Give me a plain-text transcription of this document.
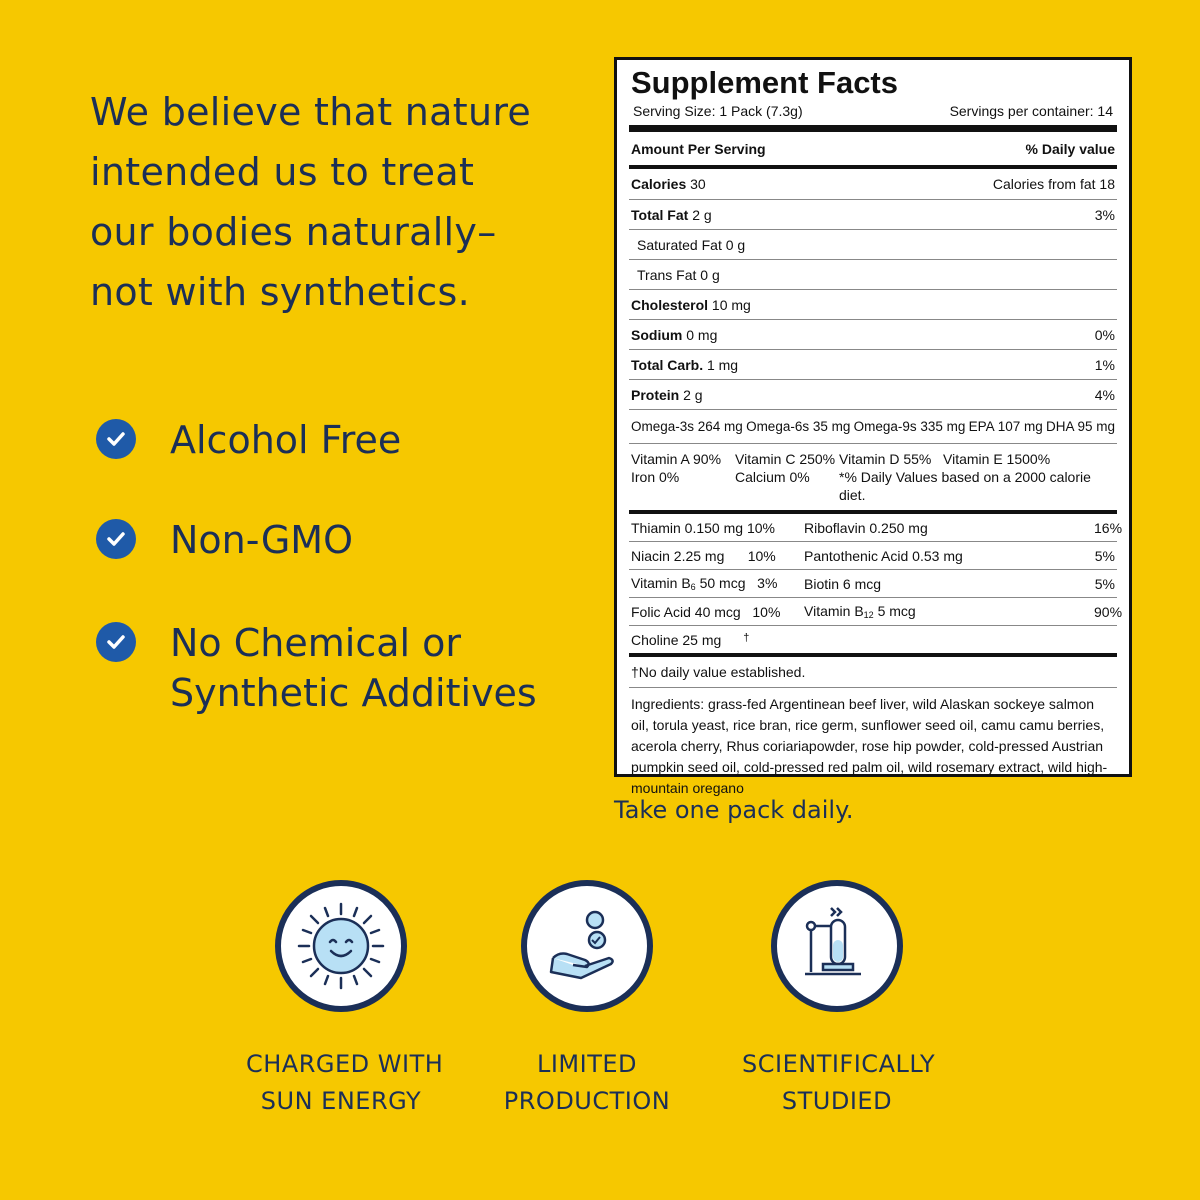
We believe that nature
intended us to treat
our bodies naturally–
not with synthetics.
Alcohol Free
Non-GMO
No Chemical or
Synthetic Additives
Supplement Facts
Serving Size: 1 Pack (7.3g)	Servings per container: 14
Amount Per Serving	% Daily value
Calories 30	Calories from fat 18
Total Fat 2 g	3%
Saturated Fat 0 g
Trans Fat 0 g
Cholesterol 10 mg
Sodium 0 mg	0%
Total Carb. 1 mg	1%
Protein 2 g	4%
Omega-3s 264 mg Omega-6s 35 mg Omega-9s 335 mg EPA 107 mg DHA 95 mg
Vitamin A 90% Vitamin C 250% Vitamin D 55% Vitamin E 1500%
Iron 0%	Calcium 0%	*% Daily Values based on a 2000 calorie diet.
Thiamin 0.150 mg 10%	Riboflavin 0.250 mg	16%
Niacin 2.25 mg      10%	Pantothenic Acid 0.53 mg	5%
Vitamin $B_6$ 50 mcg   3%	Biotin 6 mcg	5%
Folic Acid 40 mcg   10%	Vitamin $B_{12}$ 5 mcg	90%
Choline 25 mg †
†No daily value established.
Ingredients: grass-fed Argentinean beef liver, wild Alaskan sockeye salmon oil, torula yeast, rice bran, rice germ, sunflower seed oil, camu camu berries, acerola cherry, Rhus coriariapowder, rose hip powder, cold-pressed Austrian pumpkin seed oil, cold-pressed red palm oil, wild rosemary extract, wild high-mountain oregano
Take one pack daily.
CHARGED WITH
SUN ENERGY
LIMITED
PRODUCTION
SCIENTIFICALLY
STUDIED
